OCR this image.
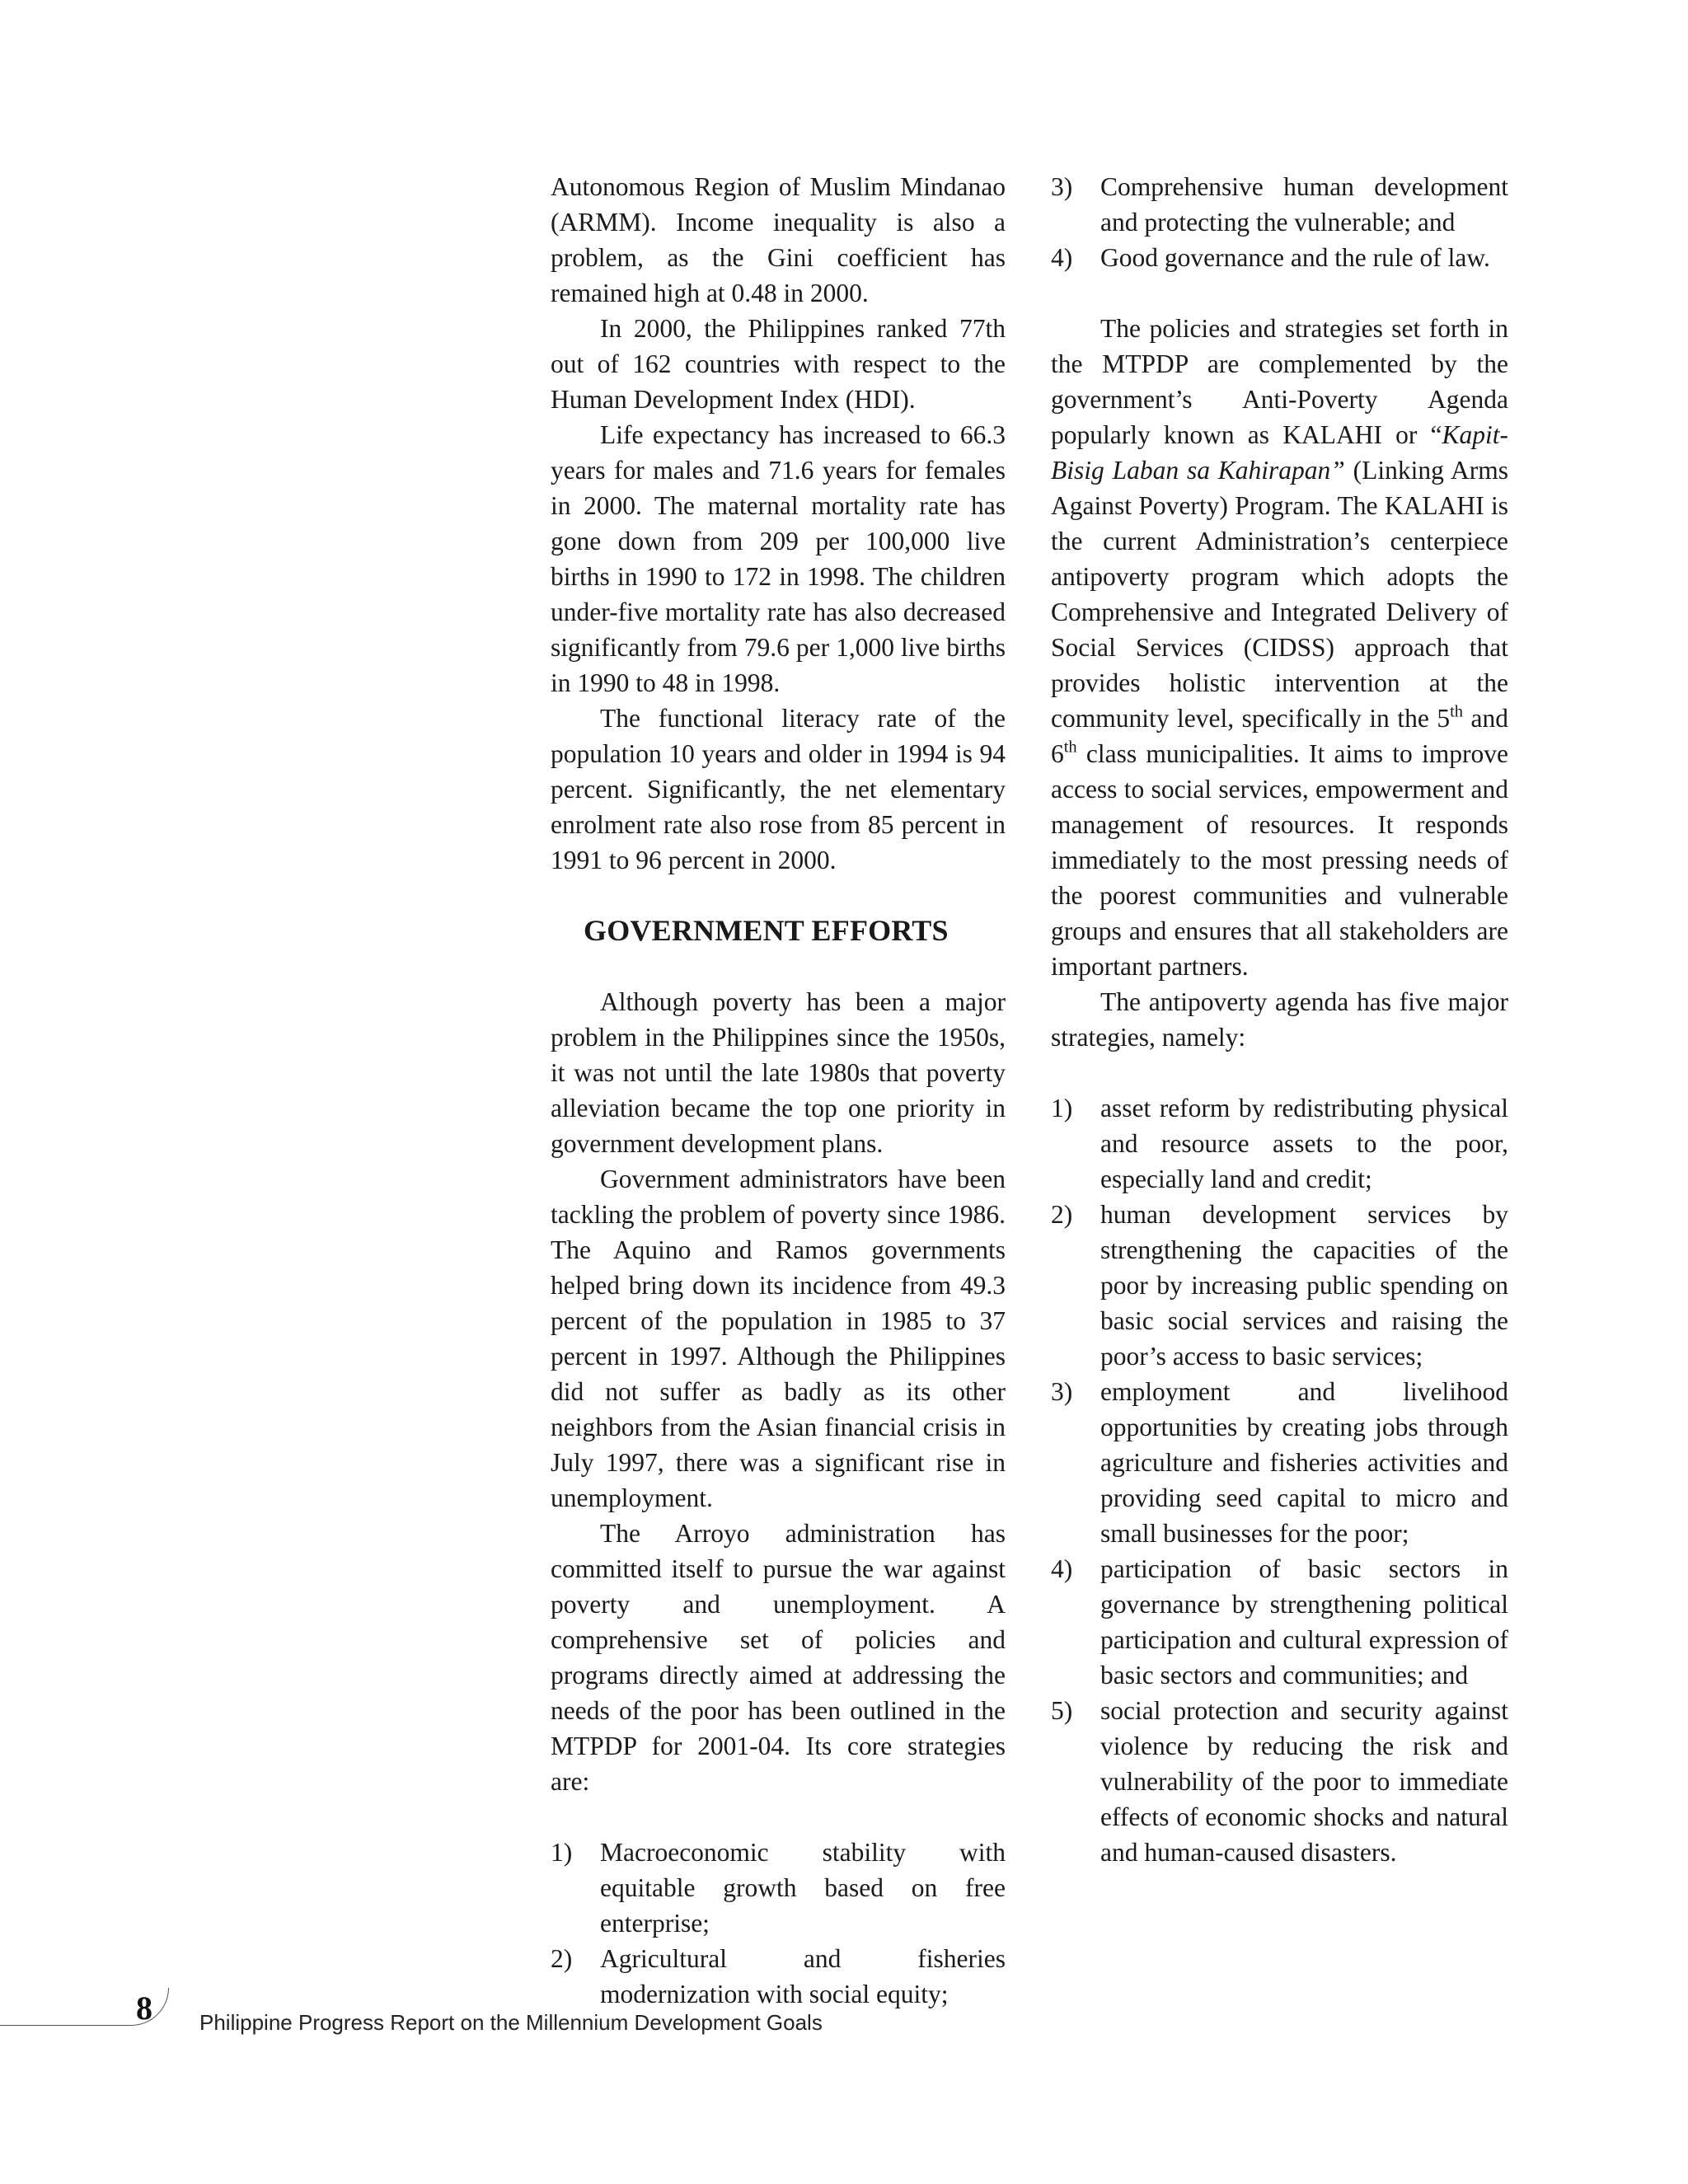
Autonomous Region of Muslim Mindanao (ARMM). Income inequality is also a problem, as the Gini coefficient has remained high at 0.48 in 2000.

In 2000, the Philippines ranked 77th out of 162 countries with respect to the Human Development Index (HDI).

Life expectancy has increased to 66.3 years for males and 71.6 years for females in 2000. The maternal mortality rate has gone down from 209 per 100,000 live births in 1990 to 172 in 1998. The children under-five mortality rate has also decreased significantly from 79.6 per 1,000 live births in 1990 to 48 in 1998.

The functional literacy rate of the population 10 years and older in 1994 is 94 percent. Significantly, the net elementary enrolment rate also rose from 85 percent in 1991 to 96 percent in 2000.

GOVERNMENT EFFORTS

Although poverty has been a major problem in the Philippines since the 1950s, it was not until the late 1980s that poverty alleviation became the top one priority in government development plans.

Government administrators have been tackling the problem of poverty since 1986. The Aquino and Ramos governments helped bring down its incidence from 49.3 percent of the population in 1985 to 37 percent in 1997. Although the Philippines did not suffer as badly as its other neighbors from the Asian financial crisis in July 1997, there was a significant rise in unemployment.

The Arroyo administration has committed itself to pursue the war against poverty and unemployment. A comprehensive set of policies and programs directly aimed at addressing the needs of the poor has been outlined in the MTPDP for 2001-04. Its core strategies are:

1)	Macroeconomic stability with equitable growth based on free enterprise;
2)	Agricultural and fisheries modernization with social equity;
3)	Comprehensive human development and protecting the vulnerable; and
4)	Good governance and the rule of law.

The policies and strategies set forth in the MTPDP are complemented by the government’s Anti-Poverty Agenda popularly known as KALAHI or “Kapit-Bisig Laban sa Kahirapan” (Linking Arms Against Poverty) Program. The KALAHI is the current Administration’s centerpiece antipoverty program which adopts the Comprehensive and Integrated Delivery of Social Services (CIDSS) approach that provides holistic intervention at the community level, specifically in the 5th and 6th class municipalities. It aims to improve access to social services, empowerment and management of resources. It responds immediately to the most pressing needs of the poorest communities and vulnerable groups and ensures that all stakeholders are important partners.

The antipoverty agenda has five major strategies, namely:

1)	asset reform by redistributing physical and resource assets to the poor, especially land and credit;
2)	human development services by strengthening the capacities of the poor by increasing public spending on basic social services and raising the poor’s access to basic services;
3)	employment and livelihood opportunities by creating jobs through agriculture and fisheries activities and providing seed capital to micro and small businesses for the poor;
4)	participation of basic sectors in governance by strengthening political participation and cultural expression of basic sectors and communities; and
5)	social protection and security against violence by reducing the risk and vulnerability of the poor to immediate effects of economic shocks and natural and human-caused disasters.
8 Philippine Progress Report on the Millennium Development Goals
